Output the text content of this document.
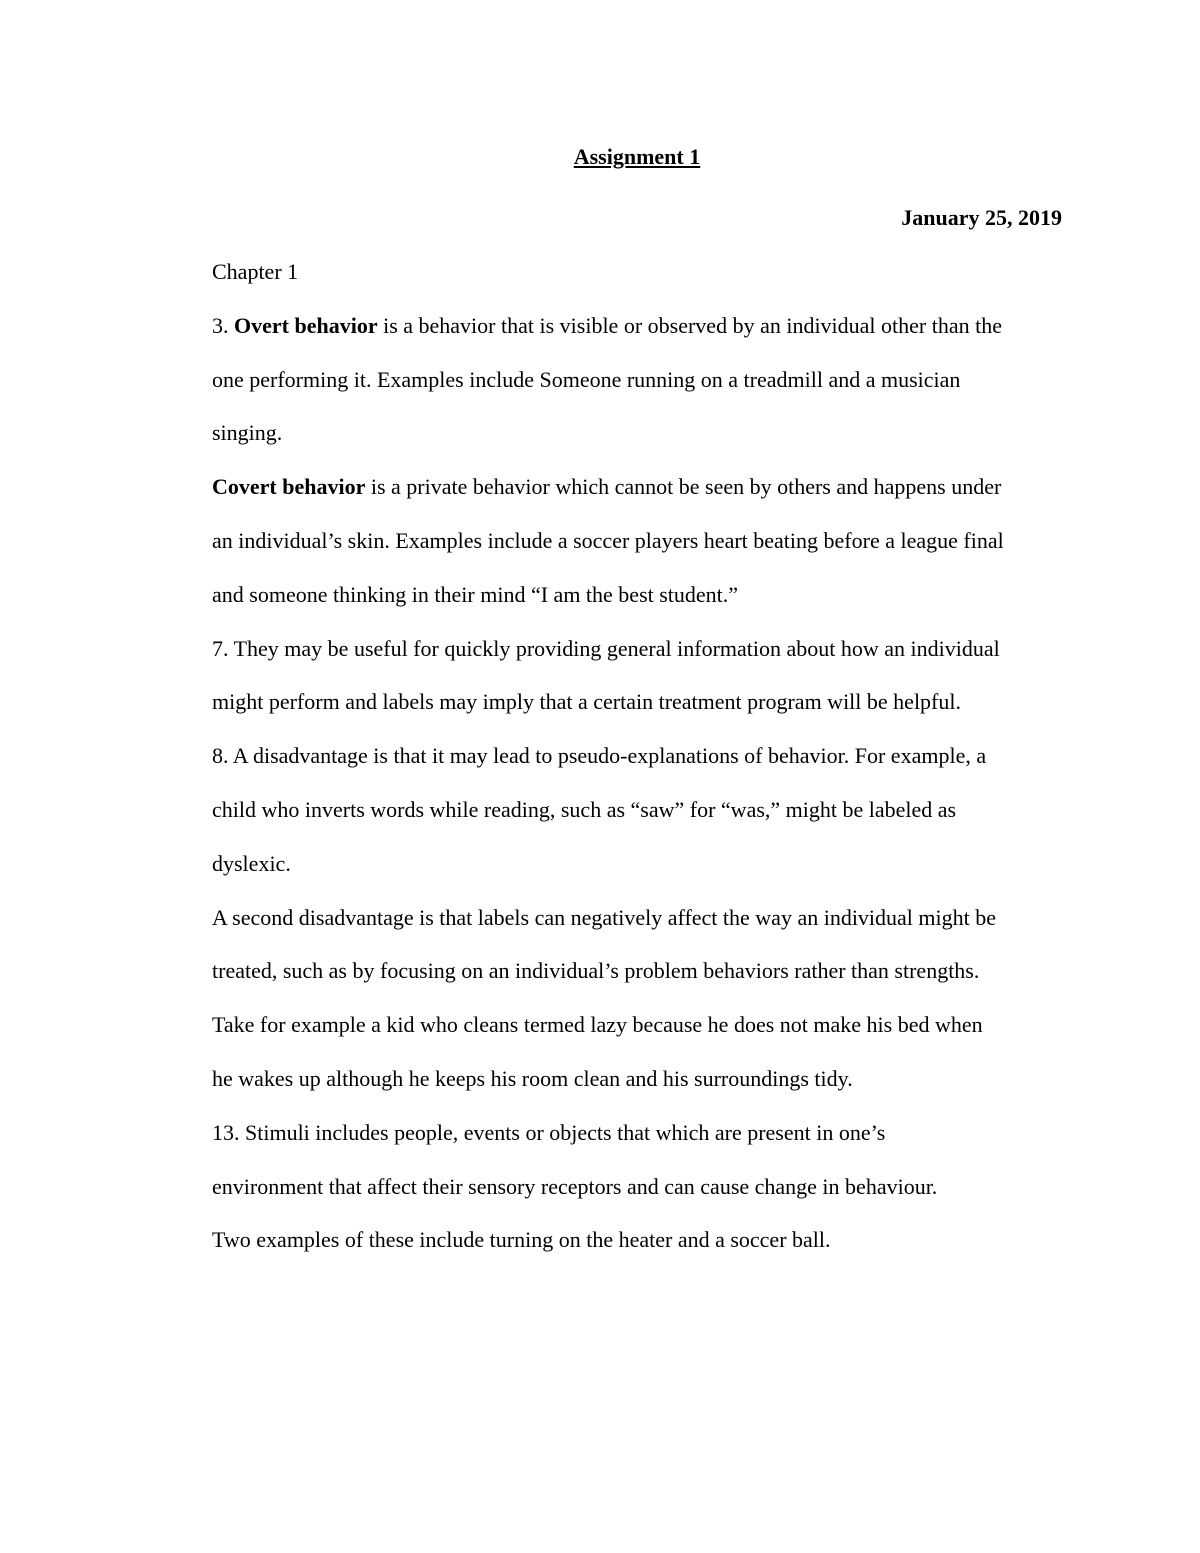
Assignment 1

January 25, 2019

Chapter 1
3. Overt behavior is a behavior that is visible or observed by an individual other than the
one performing it. Examples include Someone running on a treadmill and a musician
singing.
Covert behavior is a private behavior which cannot be seen by others and happens under
an individual’s skin. Examples include a soccer players heart beating before a league final
and someone thinking in their mind “I am the best student.”
7. They may be useful for quickly providing general information about how an individual
might perform and labels may imply that a certain treatment program will be helpful.
8. A disadvantage is that it may lead to pseudo-explanations of behavior. For example, a
child who inverts words while reading, such as “saw” for “was,” might be labeled as
dyslexic.
A second disadvantage is that labels can negatively affect the way an individual might be
treated, such as by focusing on an individual’s problem behaviors rather than strengths.
Take for example a kid who cleans termed lazy because he does not make his bed when
he wakes up although he keeps his room clean and his surroundings tidy.
13. Stimuli includes people, events or objects that which are present in one’s
environment that affect their sensory receptors and can cause change in behaviour.
Two examples of these include turning on the heater and a soccer ball.
